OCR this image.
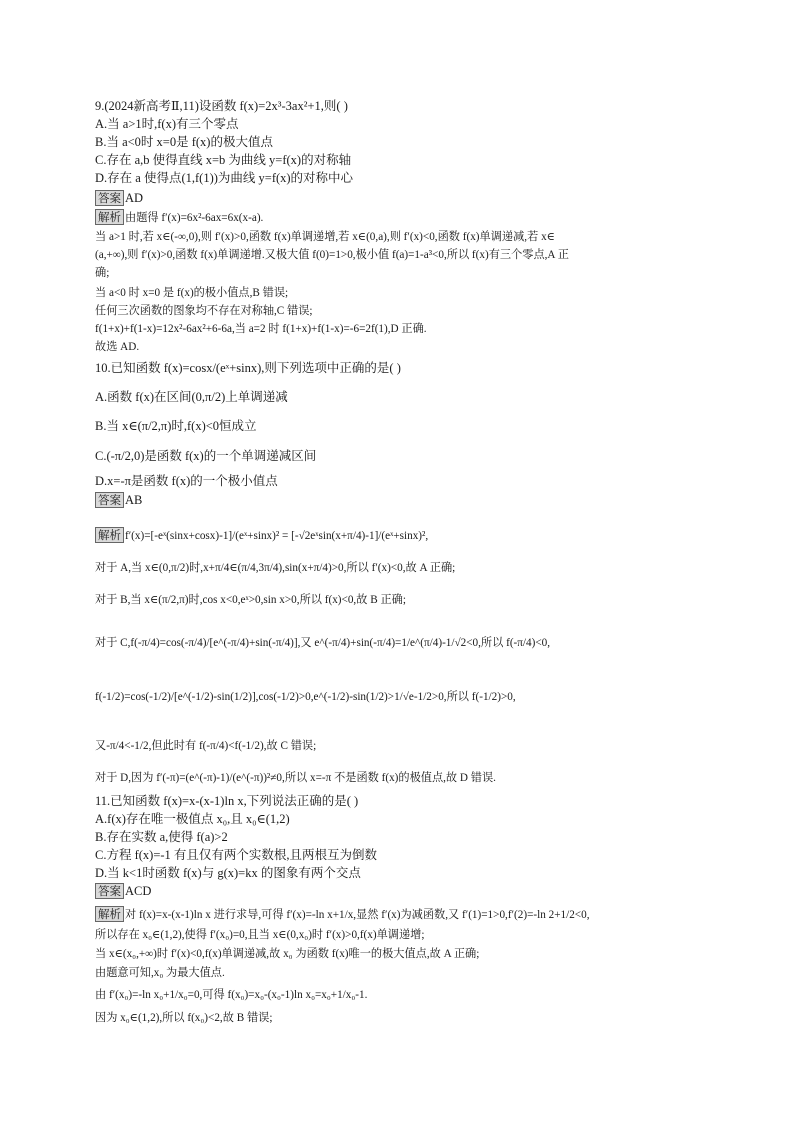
9.(2024新高考Ⅱ,11)设函数 f(x)=2x³-3ax²+1,则( )
A.当 a>1时,f(x)有三个零点
B.当 a<0时 x=0是 f(x)的极大值点
C.存在 a,b 使得直线 x=b 为曲线 y=f(x)的对称轴
D.存在 a 使得点(1,f(1))为曲线 y=f(x)的对称中心
答案 AD
解析 由题得 f′(x)=6x²-6ax=6x(x-a).
当 a>1 时,若 x∈(-∞,0),则 f′(x)>0,函数 f(x)单调递增,若 x∈(0,a),则 f′(x)<0,函数 f(x)单调递减,若 x∈
(a,+∞),则 f′(x)>0,函数 f(x)单调递增.又极大值 f(0)=1>0,极小值 f(a)=1-a³<0,所以 f(x)有三个零点,A 正
确;
当 a<0 时 x=0 是 f(x)的极小值点,B 错误;
任何三次函数的图象均不存在对称轴,C 错误;
f(1+x)+f(1-x)=12x²-6ax²+6-6a,当 a=2 时 f(1+x)+f(1-x)=-6=2f(1),D 正确.
故选 AD.
10.已知函数 f(x)=cosx/(eˣ+sinx),则下列选项中正确的是( )
A.函数 f(x)在区间(0,π/2)上单调递减
B.当 x∈(π/2,π)时,f(x)<0恒成立
C.(-π/2,0)是函数 f(x)的一个单调递减区间
D.x=-π是函数 f(x)的一个极小值点
答案 AB
解析 f′(x)=[-eˣ(sinx+cosx)-1]/(eˣ+sinx)² = [-√2eˣsin(x+π/4)-1]/(eˣ+sinx)²,
对于 A,当 x∈(0,π/2)时,x+π/4∈(π/4,3π/4),sin(x+π/4)>0,所以 f′(x)<0,故 A 正确;
对于 B,当 x∈(π/2,π)时,cos x<0,eˣ>0,sin x>0,所以 f(x)<0,故 B 正确;
对于 C,f(-π/4)=cos(-π/4)/[e^(-π/4)+sin(-π/4)],又 e^(-π/4)+sin(-π/4)=1/e^(π/4)-1/√2<0,所以 f(-π/4)<0,
f(-1/2)=cos(-1/2)/[e^(-1/2)-sin(1/2)],cos(-1/2)>0,e^(-1/2)-sin(1/2)>1/√e-1/2>0,所以 f(-1/2)>0,
又-π/4<-1/2,但此时有 f(-π/4)<f(-1/2),故 C 错误;
对于 D,因为 f′(-π)=(e^(-π)-1)/(e^(-π))²≠0,所以 x=-π 不是函数 f(x)的极值点,故 D 错误.
11.已知函数 f(x)=x-(x-1)ln x,下列说法正确的是( )
A.f(x)存在唯一极值点 x₀,且 x₀∈(1,2)
B.存在实数 a,使得 f(a)>2
C.方程 f(x)=-1 有且仅有两个实数根,且两根互为倒数
D.当 k<1时函数 f(x)与 g(x)=kx 的图象有两个交点
答案 ACD
解析 对 f(x)=x-(x-1)ln x 进行求导,可得 f′(x)=-ln x+1/x,显然 f′(x)为减函数,又 f′(1)=1>0,f′(2)=-ln 2+1/2<0,
所以存在 x₀∈(1,2),使得 f′(x₀)=0,且当 x∈(0,x₀)时 f′(x)>0,f(x)单调递增;
当 x∈(x₀,+∞)时 f′(x)<0,f(x)单调递减,故 x₀ 为函数 f(x)唯一的极大值点,故 A 正确;
由题意可知,x₀ 为最大值点.
由 f′(x₀)=-ln x₀+1/x₀=0,可得 f(x₀)=x₀-(x₀-1)ln x₀=x₀+1/x₀-1.
因为 x₀∈(1,2),所以 f(x₀)<2,故 B 错误;
